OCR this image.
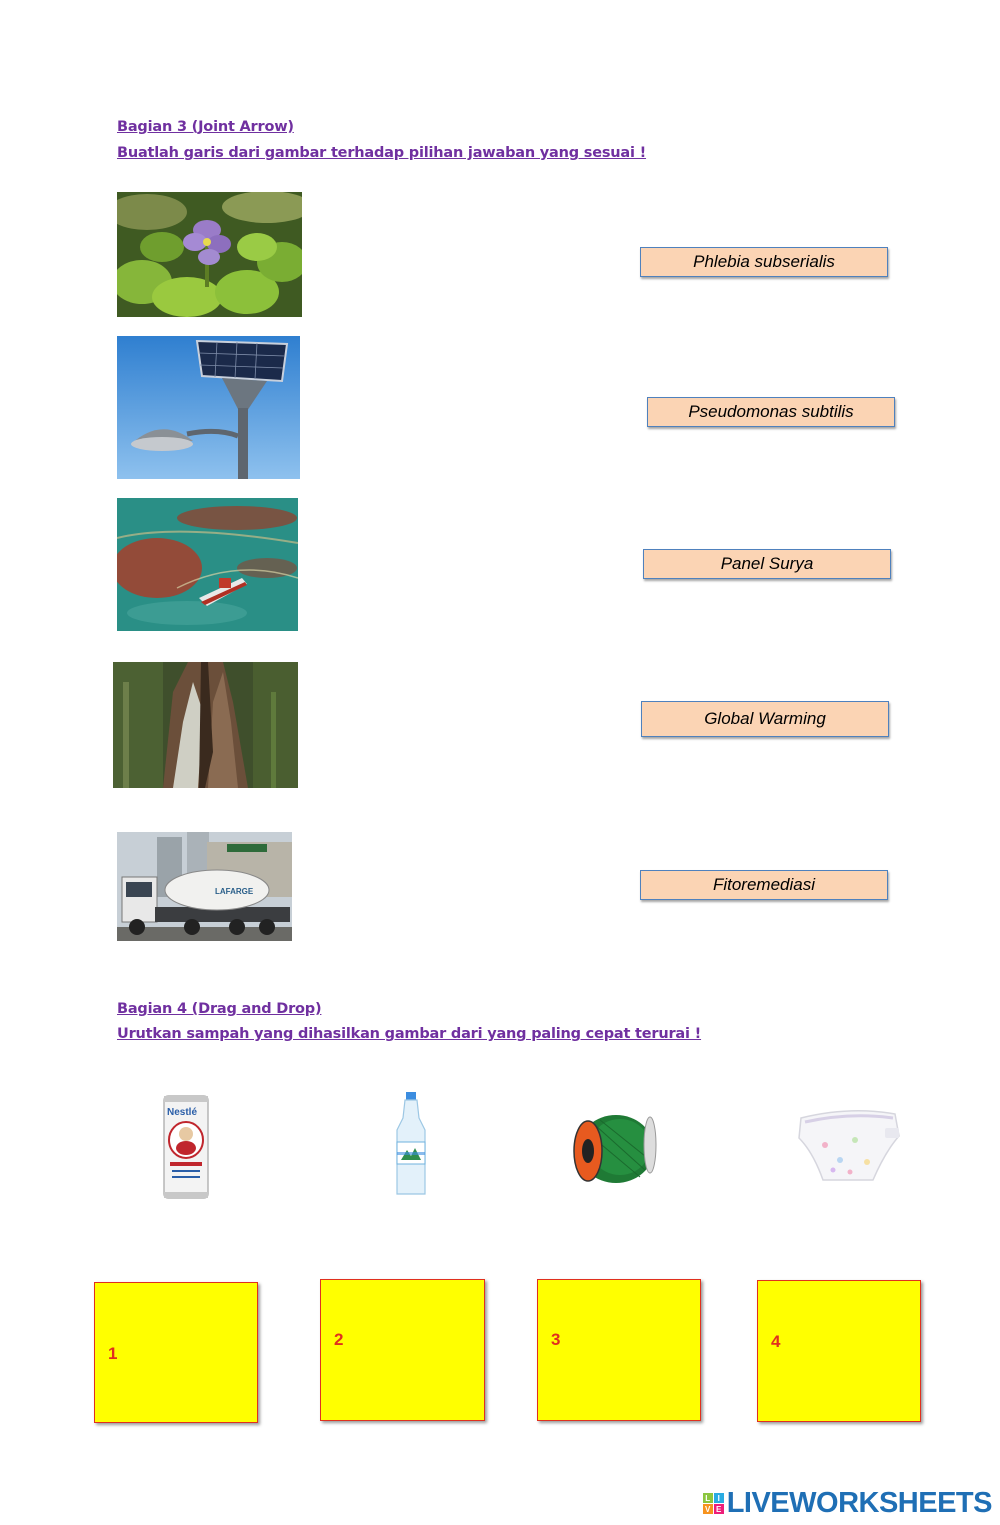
Bagian 3 (Joint Arrow)
Buatlah garis dari gambar terhadap pilihan jawaban yang sesuai !
LAFARGE
Phlebia subserialis
Pseudomonas subtilis
Panel Surya
Global Warming
Fitoremediasi
Bagian 4 (Drag and Drop)
Urutkan sampah yang dihasilkan gambar dari yang paling cepat terurai !
Nestlé
1
2	3	4
L I
V E LIVEWORKSHEETS
